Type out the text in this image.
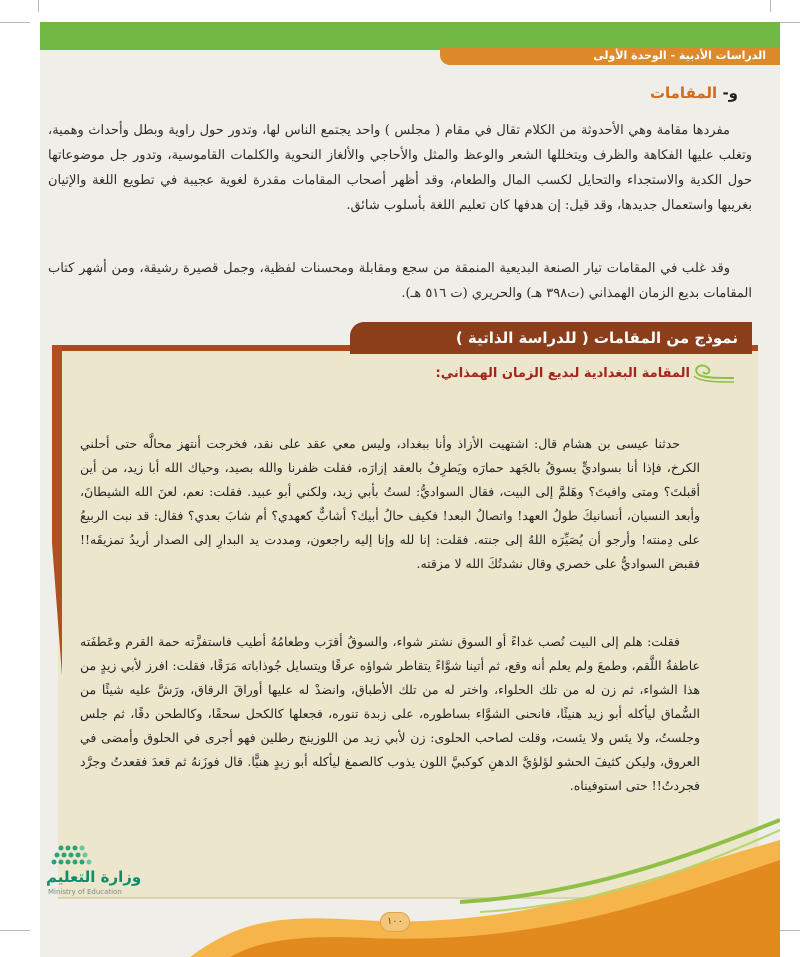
الدراسات الأدبية - الوحدة الأولى
و- المقامات

مفردها مقامة وهي الأحدوثة من الكلام تقال في مقام ( مجلس ) واحد يجتمع الناس لها، وتدور حول راوية وبطل وأحداث وهمية، وتغلب عليها الفكاهة والظرف ويتخللها الشعر والوعظ والمثل والأحاجي والألغاز النحوية والكلمات القاموسية، وتدور جل موضوعاتها حول الكدية والاستجداء والتحايل لكسب المال والطعام، وقد أظهر أصحاب المقامات مقدرة لغوية عجيبة في تطويع اللغة والإتيان بغريبها واستعمال جديدها، وقد قيل: إن هدفها كان تعليم اللغة بأسلوب شائق.

وقد غلب في المقامات تيار الصنعة البديعية المنمقة من سجع ومقابلة ومحسنات لفظية، وجمل قصيرة رشيقة، ومن أشهر كتاب المقامات بديع الزمان الهمذاني (ت٣٩٨ هـ) والحريري (ت ٥١٦ هـ).

نموذج من المقامات ( للدراسة الذاتية )
المقامة البغدادية لبديع الزمان الهمذاني:

حدثنا عيسى بن هشام قال: اشتهيت الأزاذ وأنا ببغداد، وليس معي عقد على نقد، فخرجت أنتهز محالَّه حتى أحلني الكرخ، فإذا أنا بسواديٍّ يسوقُ بالجَهد حمارَه ويَطرِفُ بالعقد إزارَه، فقلت ظفرنا والله بصيد، وحياك الله أبا زيد، من أين أقبلتَ؟ ومتى وافيتَ؟ وهَلمَّ إلى البيت، فقال السواديُّ: لستُ بأبي زيد، ولكني أبو عبيد. فقلت: نعم، لعنَ الله الشيطانَ، وأبعد النسيان، أنسانيكَ طولُ العهد! واتصالُ البعد! فكيف حالُ أبيك؟ أشابٌّ كعهدي؟ أم شابَ بعدي؟ فقال: قد نبت الربيعُ على دِمنته! وأرجو أن يُصَيِّرَه اللهُ إلى جنته. فقلت: إنا لله وإنا إليه راجعون، ومددت يد البدارِ إلى الصدار أريدُ تمزيقَه!! فقبض السواديُّ على خصري وقال نشدتُكَ الله لا مزقته.

فقلت: هلم إلى البيت نُصب غداءً أو السوق نشتر شواء، والسوقُ أقرَب وطعامُهُ أطيب فاستفزَّته حمة القرم وعَطفَته عاطفةُ اللَّقم، وطمعَ ولم يعلم أنه وقع، ثم أتينا شوَّاءً يتقاطر شواؤه عرقًا ويتسايل جُوذاباته مَرَقًا، فقلت: افرز لأبي زيدٍ من هذا الشواء، ثم زن له من تلك الحلواء، واختر له من تلك الأطباق، وانضدْ له عليها أوراقَ الرقاق، ورَشَّ عليه شيئًا من السُّماق ليأكله أبو زيد هنيئًا، فانحنى الشوَّاء بساطوره، على زبدة تنوره، فجعلها كالكحل سحقًا، وكالطحن دقًا، ثم جلس وجلستُ، ولا يئس ولا يئست، وقلت لصاحب الحلوى: زن لأبي زيد من اللوزينج رطلين فهو أجرى في الحلوق وأمضى في العروق، وليكن كثيفَ الحشو لؤلؤيَّ الدهنِ كوكبيَّ اللون يذوب كالصمغ ليأكله أبو زيدٍ هنيًّا. قال فوزَنهُ ثم قعدَ فقعدتُ وجرَّد فجردتُ!! حتى استوفيناه.

١٠٠
وزارة التعليم
Ministry of Education
